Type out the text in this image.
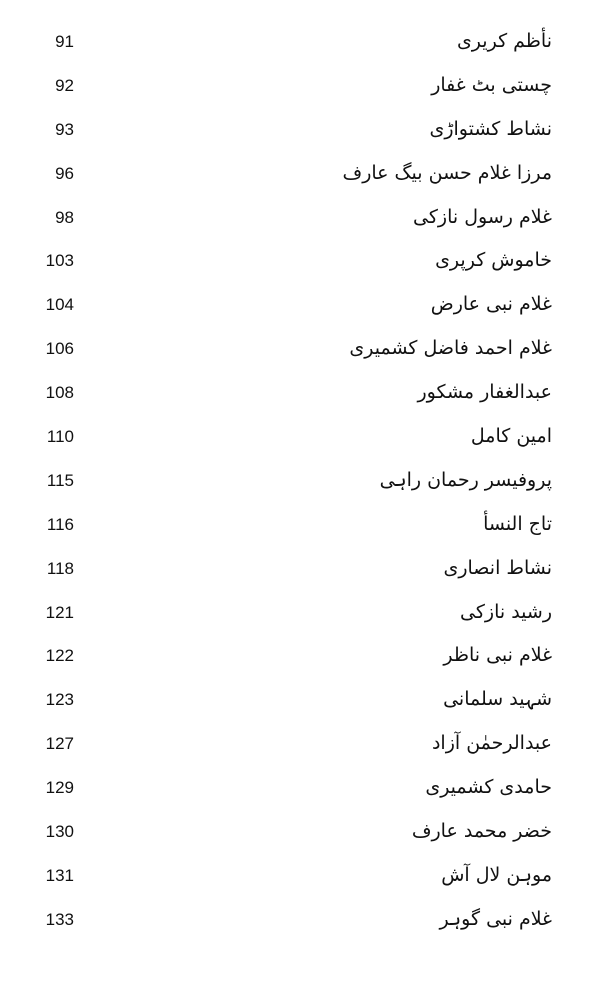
91	نأظم کریری
92	چستی بٹ غفار
93	نشاط کشتواڑی
96	مرزا غلام حسن بیگ عارف
98	غلام رسول نازکی
103	خاموش کرپری
104	غلام نبی عارض
106	غلام احمد فاضل کشمیری
108	عبدالغفار مشکور
110	امین کامل
115	پروفیسر رحمان راہی
116	تاج النسأ
118	نشاط انصاری
121	رشید نازکی
122	غلام نبی ناظر
123	شہید سلمانی
127	عبدالرحمٰن آزاد
129	حامدی کشمیری
130	خضر محمد عارف
131	موہن لال آش
133	غلام نبی گوہر
